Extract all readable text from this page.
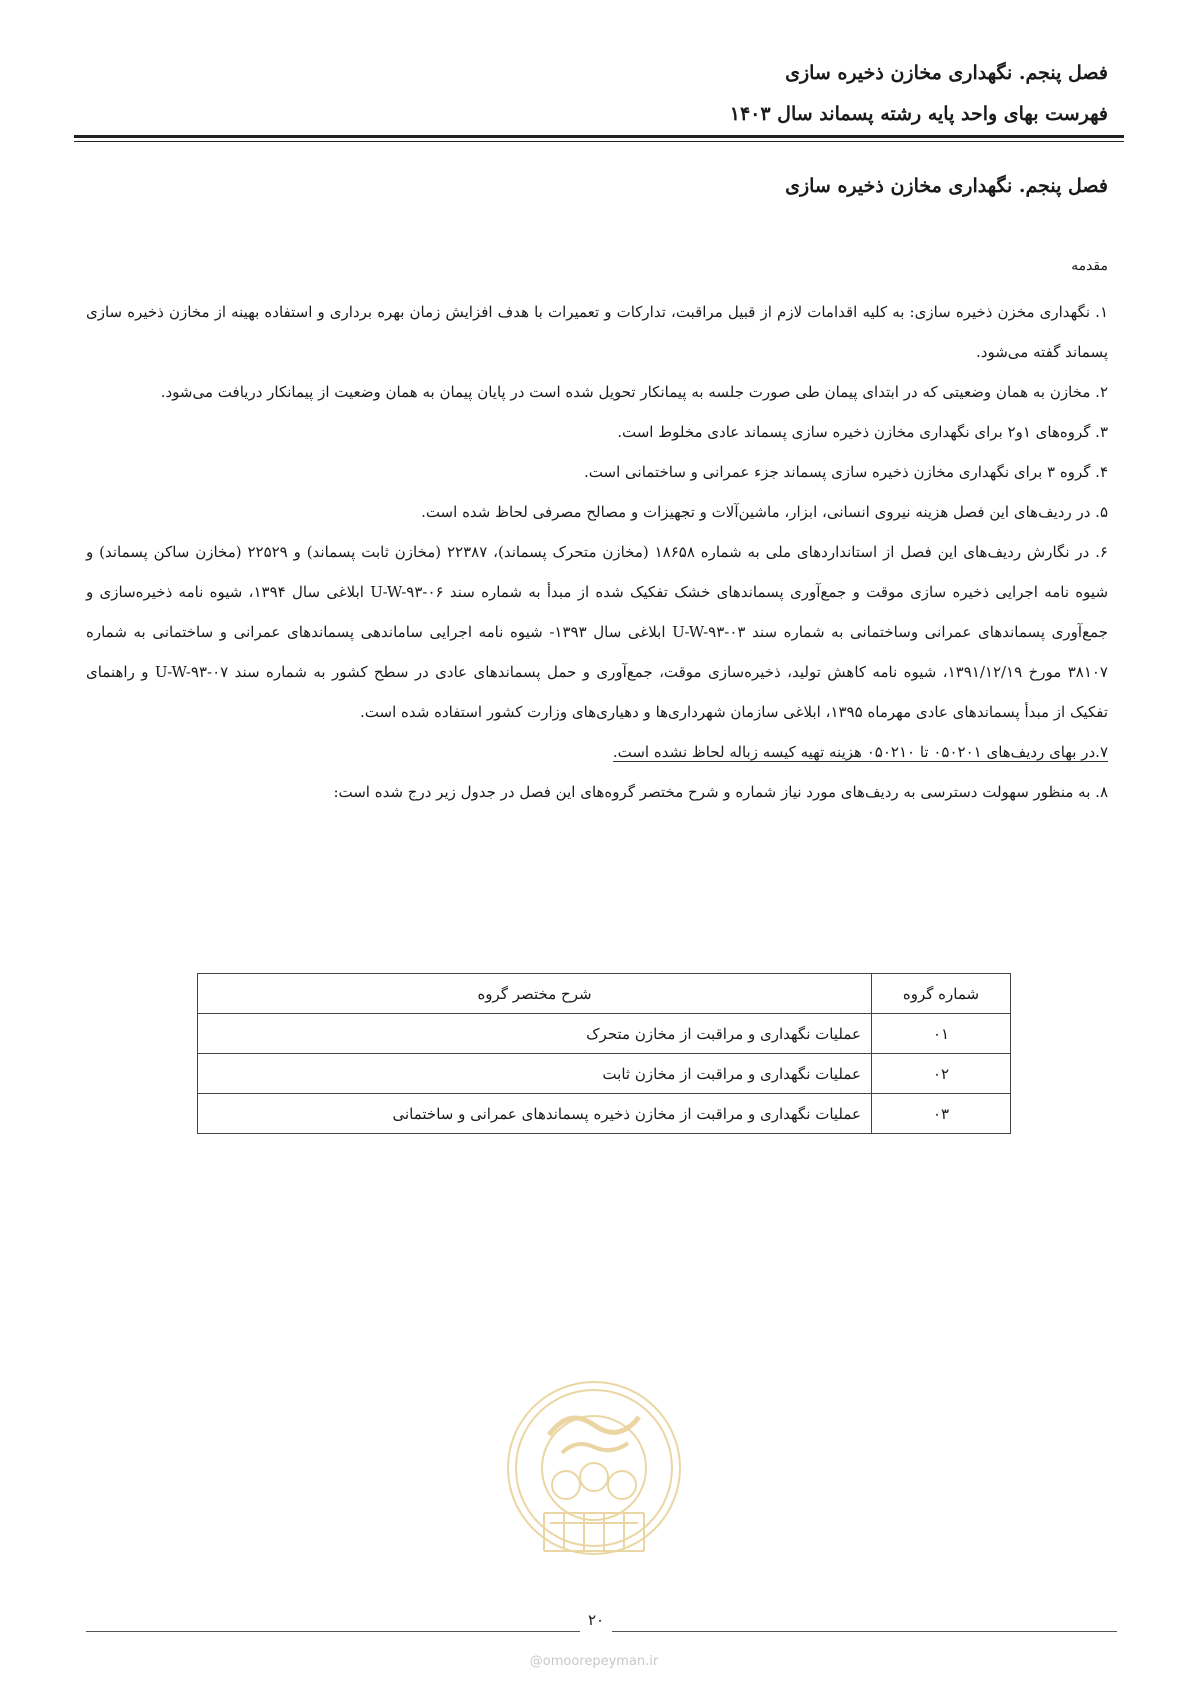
فصل پنجم. نگهداری مخازن ذخیره سازی
فهرست بهای واحد پایه رشته پسماند سال ۱۴۰۳
فصل پنجم. نگهداری مخازن ذخیره سازی
مقدمه

۱. نگهداری مخزن ذخیره سازی: به کلیه اقدامات لازم از قبیل مراقبت، تدارکات و تعمیرات با هدف افزایش زمان بهره برداری و استفاده بهینه از مخازن ذخیره سازی پسماند گفته می‌شود.

۲. مخازن به همان وضعیتی که در ابتدای پیمان طی صورت جلسه به پیمانکار تحویل شده است در پایان پیمان به همان وضعیت از پیمانکار دریافت می‌شود.

۳. گروه‌های ۱و۲ برای نگهداری مخازن ذخیره سازی پسماند عادی مخلوط است.

۴. گروه ۳ برای نگهداری مخازن ذخیره سازی پسماند جزء عمرانی و ساختمانی است.

۵. در ردیف‌های این فصل هزینه نیروی انسانی، ابزار، ماشین‌آلات و تجهیزات و مصالح مصرفی لحاظ شده است.

۶. در نگارش ردیف‌های این فصل از استانداردهای ملی به شماره ۱۸۶۵۸ (مخازن متحرک پسماند)، ۲۲۳۸۷ (مخازن ثابت پسماند) و ۲۲۵۲۹ (مخازن ساکن پسماند) و شیوه نامه اجرایی ذخیره سازی موقت و جمع‌آوری پسماندهای خشک تفکیک شده از مبدأ به شماره سند ۰۶-U-W-۹۳ ابلاغی سال ۱۳۹۴، شیوه نامه ذخیره‌سازی و جمع‌آوری پسماندهای عمرانی وساختمانی به شماره سند ۰۳-U-W-۹۳ ابلاغی سال ۱۳۹۳- شیوه نامه اجرایی ساماندهی پسماندهای عمرانی و ساختمانی به شماره ۳۸۱۰۷ مورخ ۱۳۹۱/۱۲/۱۹، شیوه نامه کاهش تولید، ذخیره‌سازی موقت، جمع‌آوری و حمل پسماندهای عادی در سطح کشور به شماره سند ۰۷-U-W-۹۳ و راهنمای تفکیک از مبدأ پسماندهای عادی مهرماه ۱۳۹۵، ابلاغی سازمان شهرداری‌ها و دهیاری‌های وزارت کشور استفاده شده است.

۷.در بهای ردیف‌های ۰۵۰۲۰۱ تا ۰۵۰۲۱۰ هزینه تهیه کیسه زباله لحاظ نشده است.

۸. به منظور سهولت دسترسی به ردیف‌های مورد نیاز شماره و شرح مختصر گروه‌های این فصل در جدول زیر درج شده است:

شماره گروه	شرح مختصر گروه
۰۱	عملیات نگهداری و مراقبت از مخازن متحرک
۰۲	عملیات نگهداری و مراقبت از مخازن ثابت
۰۳	عملیات نگهداری و مراقبت از مخازن ذخیره پسماندهای عمرانی و ساختمانی
۲۰
@omoorepeyman.ir
